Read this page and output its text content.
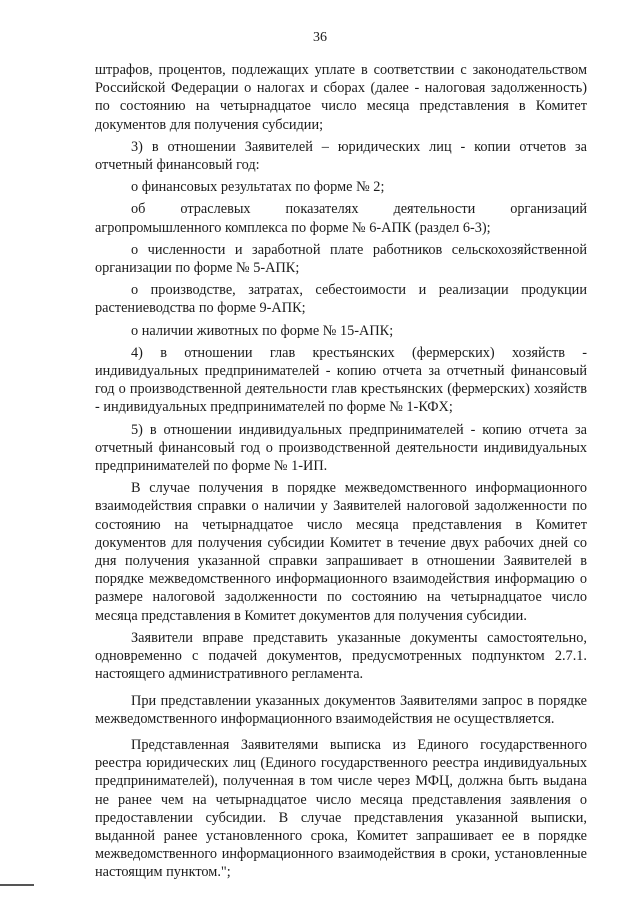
36

штрафов, процентов, подлежащих уплате в соответствии с законодательством Российской Федерации о налогах и сборах (далее - налоговая задолженность) по состоянию на четырнадцатое число месяца представления в Комитет документов для получения субсидии;

3) в отношении Заявителей – юридических лиц - копии отчетов за отчетный финансовый год:

о финансовых результатах по форме № 2;

об отраслевых показателях деятельности организаций агропромышленного комплекса по форме № 6-АПК (раздел 6-3);

о численности и заработной плате работников сельскохозяйственной организации по форме № 5-АПК;

о производстве, затратах, себестоимости и реализации продукции растениеводства по форме 9-АПК;

о наличии животных по форме № 15-АПК;

4) в отношении глав крестьянских (фермерских) хозяйств - индивидуальных предпринимателей - копию отчета за отчетный финансовый год о производственной деятельности глав крестьянских (фермерских) хозяйств - индивидуальных предпринимателей по форме № 1-КФХ;

5) в отношении индивидуальных предпринимателей - копию отчета за отчетный финансовый год о производственной деятельности индивидуальных предпринимателей по форме № 1-ИП.

В случае получения в порядке межведомственного информационного взаимодействия справки о наличии у Заявителей налоговой задолженности по состоянию на четырнадцатое число месяца представления в Комитет документов для получения субсидии Комитет в течение двух рабочих дней со дня получения указанной справки запрашивает в отношении Заявителей в порядке межведомственного информационного взаимодействия информацию о размере налоговой задолженности по состоянию на четырнадцатое число месяца представления в Комитет документов для получения субсидии.

Заявители вправе представить указанные документы самостоятельно, одновременно с подачей документов, предусмотренных подпунктом 2.7.1. настоящего административного регламента.

При представлении указанных документов Заявителями запрос в порядке межведомственного информационного взаимодействия не осуществляется.

Представленная Заявителями выписка из Единого государственного реестра юридических лиц (Единого государственного реестра индивидуальных предпринимателей), полученная в том числе через МФЦ, должна быть выдана не ранее чем на четырнадцатое число месяца представления заявления о предоставлении субсидии. В случае представления указанной выписки, выданной ранее установленного срока, Комитет запрашивает ее в порядке межведомственного информационного взаимодействия в сроки, установленные настоящим пунктом.";
